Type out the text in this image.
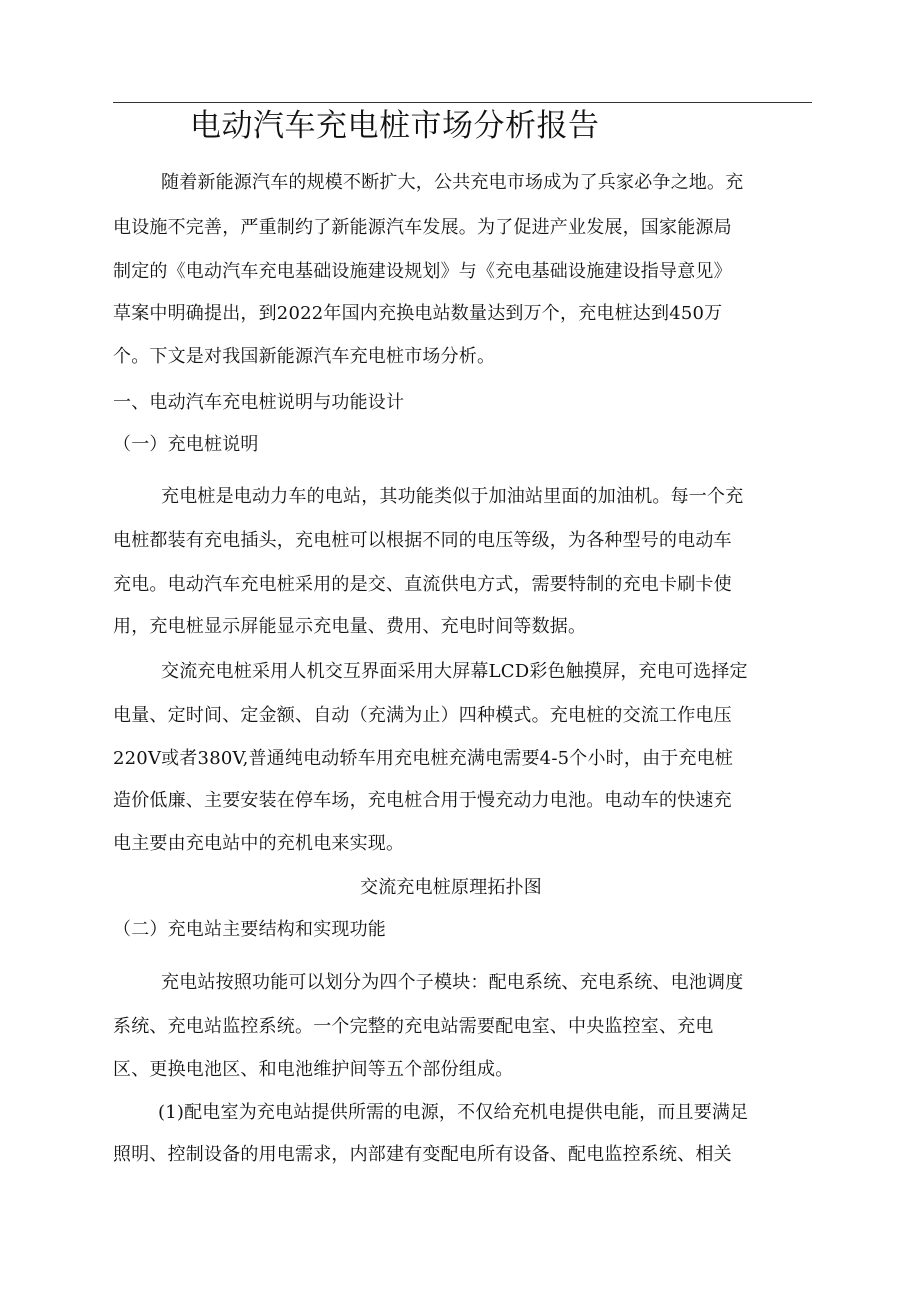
电动汽车充电桩市场分析报告
随着新能源汽车的规模不断扩大，公共充电市场成为了兵家必争之地。充
电设施不完善，严重制约了新能源汽车发展。为了促进产业发展，国家能源局
制定的《电动汽车充电基础设施建设规划》与《充电基础设施建设指导意见》
草案中明确提出，到2022年国内充换电站数量达到万个，充电桩达到450万
个。下文是对我国新能源汽车充电桩市场分析。
一、电动汽车充电桩说明与功能设计
（一）充电桩说明
充电桩是电动力车的电站，其功能类似于加油站里面的加油机。每一个充
电桩都装有充电插头，充电桩可以根据不同的电压等级，为各种型号的电动车
充电。电动汽车充电桩采用的是交、直流供电方式，需要特制的充电卡刷卡使
用，充电桩显示屏能显示充电量、费用、充电时间等数据。
交流充电桩采用人机交互界面采用大屏幕LCD彩色触摸屏，充电可选择定
电量、定时间、定金额、自动（充满为止）四种模式。充电桩的交流工作电压
220V或者380V,普通纯电动轿车用充电桩充满电需要4-5个小时，由于充电桩
造价低廉、主要安装在停车场，充电桩合用于慢充动力电池。电动车的快速充
电主要由充电站中的充机电来实现。
交流充电桩原理拓扑图
（二）充电站主要结构和实现功能
充电站按照功能可以划分为四个子模块：配电系统、充电系统、电池调度
系统、充电站监控系统。一个完整的充电站需要配电室、中央监控室、充电
区、更换电池区、和电池维护间等五个部份组成。
(1)配电室为充电站提供所需的电源，不仅给充机电提供电能，而且要满足
照明、控制设备的用电需求，内部建有变配电所有设备、配电监控系统、相关
